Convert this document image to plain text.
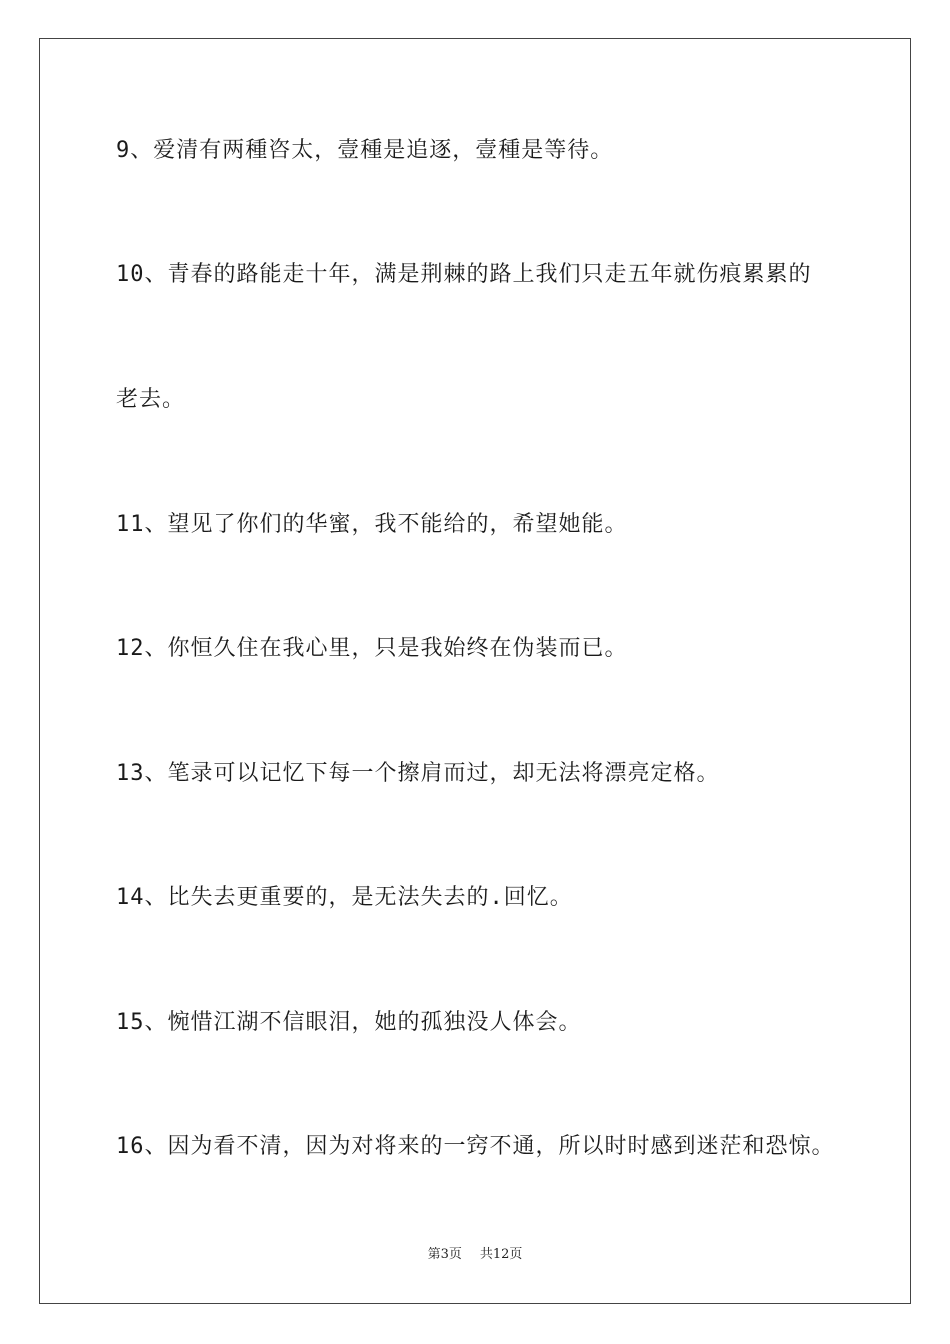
9、爱清有两種咨太，壹種是追逐，壹種是等待。
10、青春的路能走十年，满是荆棘的路上我们只走五年就伤痕累累的
老去。
11、望见了你们的华蜜，我不能给的，希望她能。
12、你恒久住在我心里，只是我始终在伪装而已。
13、笔录可以记忆下每一个擦肩而过，却无法将漂亮定格。
14、比失去更重要的，是无法失去的.回忆。
15、惋惜江湖不信眼泪，她的孤独没人体会。
16、因为看不清，因为对将来的一窍不通，所以时时感到迷茫和恐惊。
第3页 共12页
